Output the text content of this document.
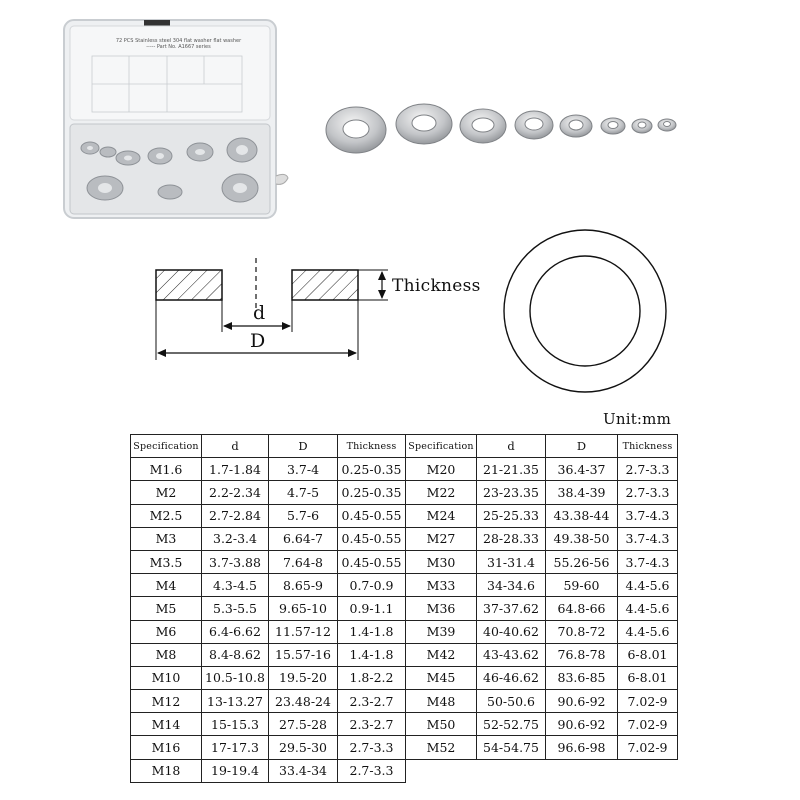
72 PCS Stainless steel 304 flat washer flat washer
----- Part No. A1667 series
Thickness
d
D
Unit:mm
Specification	d	D	Thickness	Specification	d	D	Thickness
M1.6	1.7-1.84	3.7-4	0.25-0.35	M20	21-21.35	36.4-37	2.7-3.3
M2	2.2-2.34	4.7-5	0.25-0.35	M22	23-23.35	38.4-39	2.7-3.3
M2.5	2.7-2.84	5.7-6	0.45-0.55	M24	25-25.33	43.38-44	3.7-4.3
M3	3.2-3.4	6.64-7	0.45-0.55	M27	28-28.33	49.38-50	3.7-4.3
M3.5	3.7-3.88	7.64-8	0.45-0.55	M30	31-31.4	55.26-56	3.7-4.3
M4	4.3-4.5	8.65-9	0.7-0.9	M33	34-34.6	59-60	4.4-5.6
M5	5.3-5.5	9.65-10	0.9-1.1	M36	37-37.62	64.8-66	4.4-5.6
M6	6.4-6.62	11.57-12	1.4-1.8	M39	40-40.62	70.8-72	4.4-5.6
M8	8.4-8.62	15.57-16	1.4-1.8	M42	43-43.62	76.8-78	6-8.01
M10	10.5-10.8	19.5-20	1.8-2.2	M45	46-46.62	83.6-85	6-8.01
M12	13-13.27	23.48-24	2.3-2.7	M48	50-50.6	90.6-92	7.02-9
M14	15-15.3	27.5-28	2.3-2.7	M50	52-52.75	90.6-92	7.02-9
M16	17-17.3	29.5-30	2.7-3.3	M52	54-54.75	96.6-98	7.02-9
M18	19-19.4	33.4-34	2.7-3.3				
